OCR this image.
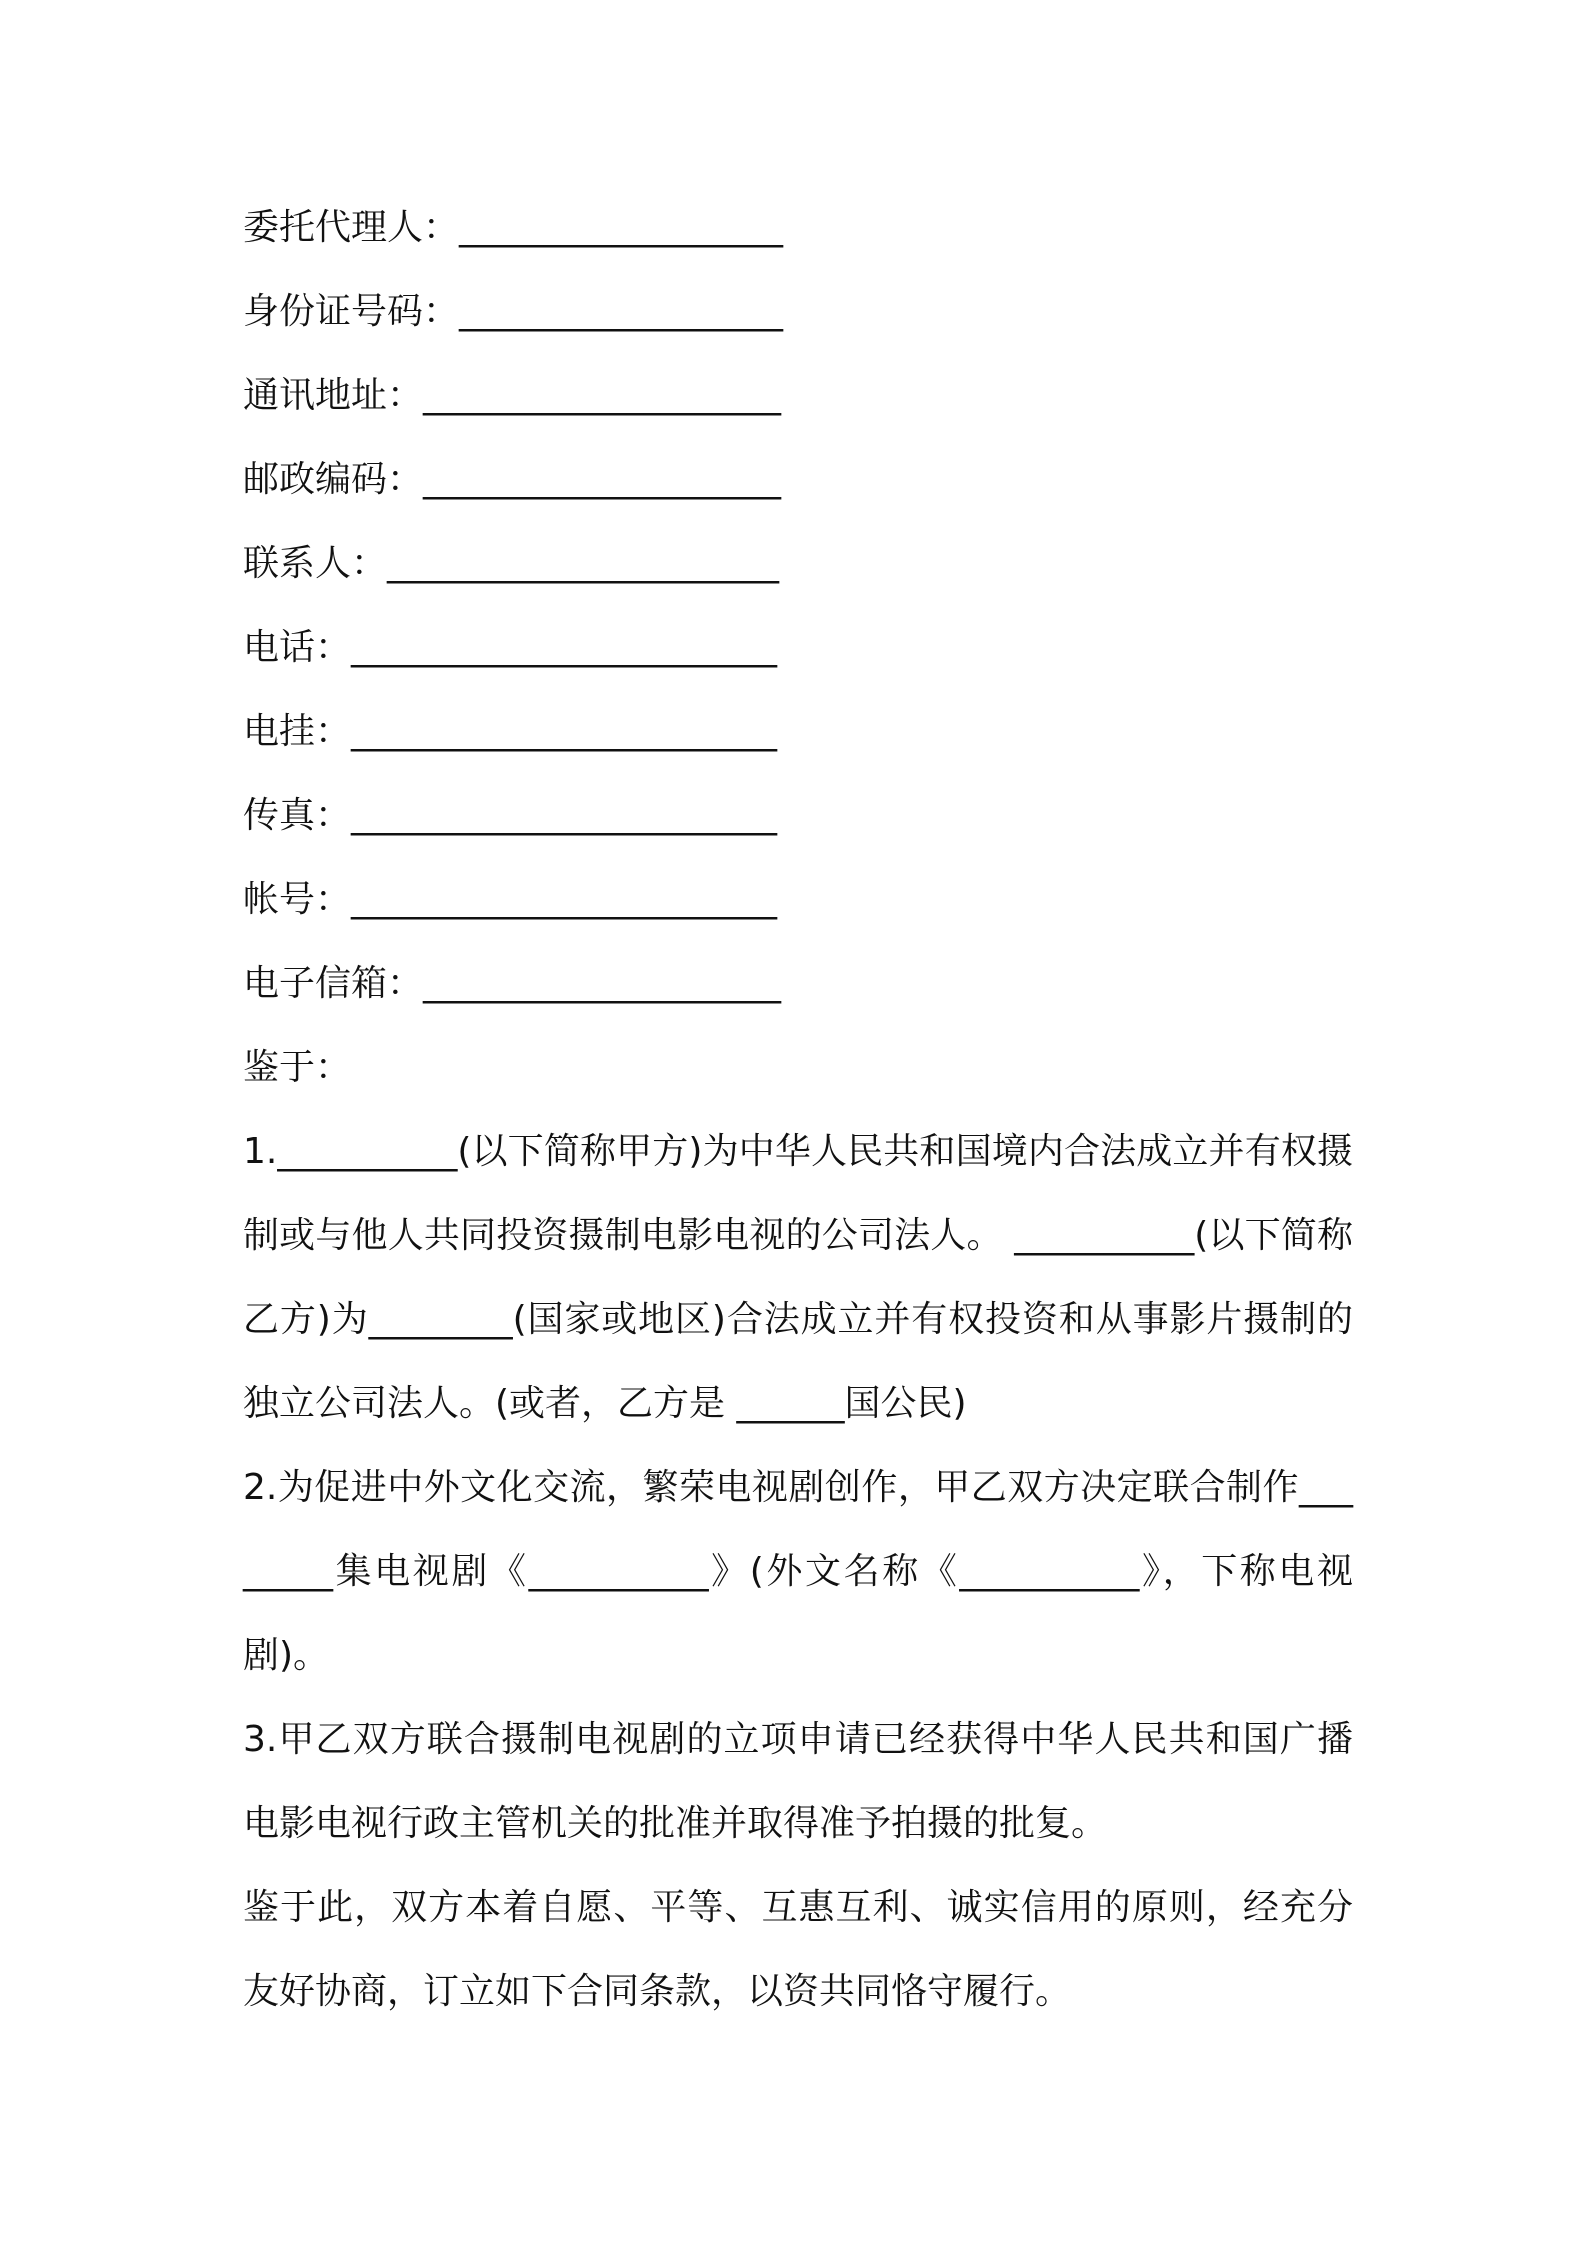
委托代理人：___________________
身份证号码：___________________
通讯地址：_____________________
邮政编码：_____________________
联系人：_______________________
电话：_________________________
电挂：_________________________
传真：_________________________
帐号：_________________________
电子信箱：_____________________
鉴于：

1.__________(以下简称甲方)为中华人民共和国境内合法成立并有权摄制或与他人共同投资摄制电影电视的公司法人。 __________(以下简称乙方)为________(国家或地区)合法成立并有权投资和从事影片摄制的独立公司法人。(或者，乙方是 ______国公民)

2.为促进中外文化交流，繁荣电视剧创作，甲乙双方决定联合制作________集电视剧《__________》(外文名称《__________》，下称电视剧)。

3.甲乙双方联合摄制电视剧的立项申请已经获得中华人民共和国广播电影电视行政主管机关的批准并取得准予拍摄的批复。

鉴于此，双方本着自愿、平等、互惠互利、诚实信用的原则，经充分友好协商，订立如下合同条款，以资共同恪守履行。
